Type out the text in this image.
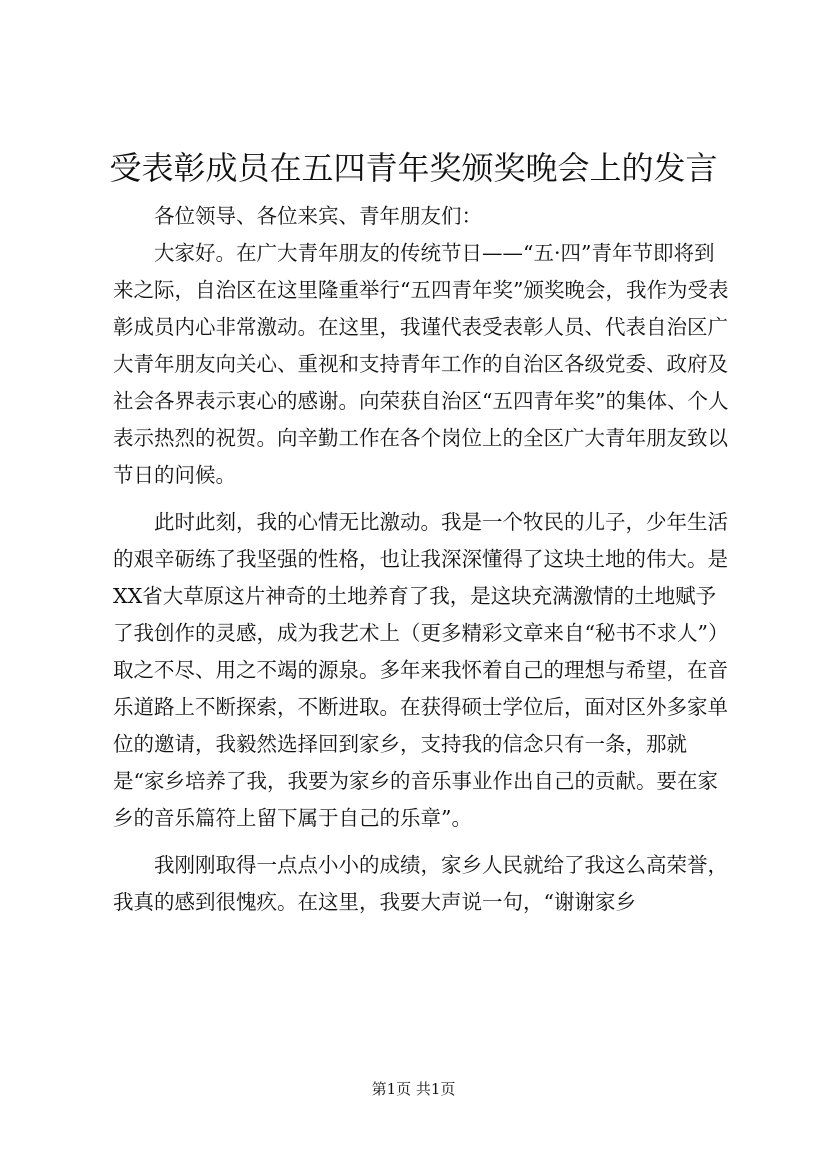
受表彰成员在五四青年奖颁奖晚会上的发言

各位领导、各位来宾、青年朋友们：

大家好。在广大青年朋友的传统节日——“五·四”青年节即将到来之际，自治区在这里隆重举行“五四青年奖”颁奖晚会，我作为受表彰成员内心非常激动。在这里，我谨代表受表彰人员、代表自治区广大青年朋友向关心、重视和支持青年工作的自治区各级党委、政府及社会各界表示衷心的感谢。向荣获自治区“五四青年奖”的集体、个人表示热烈的祝贺。向辛勤工作在各个岗位上的全区广大青年朋友致以节日的问候。

此时此刻，我的心情无比激动。我是一个牧民的儿子，少年生活的艰辛砺练了我坚强的性格，也让我深深懂得了这块土地的伟大。是XX省大草原这片神奇的土地养育了我，是这块充满激情的土地赋予了我创作的灵感，成为我艺术上（更多精彩文章来自“秘书不求人”）取之不尽、用之不竭的源泉。多年来我怀着自己的理想与希望，在音乐道路上不断探索，不断进取。在获得硕士学位后，面对区外多家单位的邀请，我毅然选择回到家乡，支持我的信念只有一条，那就是“家乡培养了我，我要为家乡的音乐事业作出自己的贡献。要在家乡的音乐篇符上留下属于自己的乐章”。

我刚刚取得一点点小小的成绩，家乡人民就给了我这么高荣誉，我真的感到很愧疚。在这里，我要大声说一句，“谢谢家乡

第1页 共1页
